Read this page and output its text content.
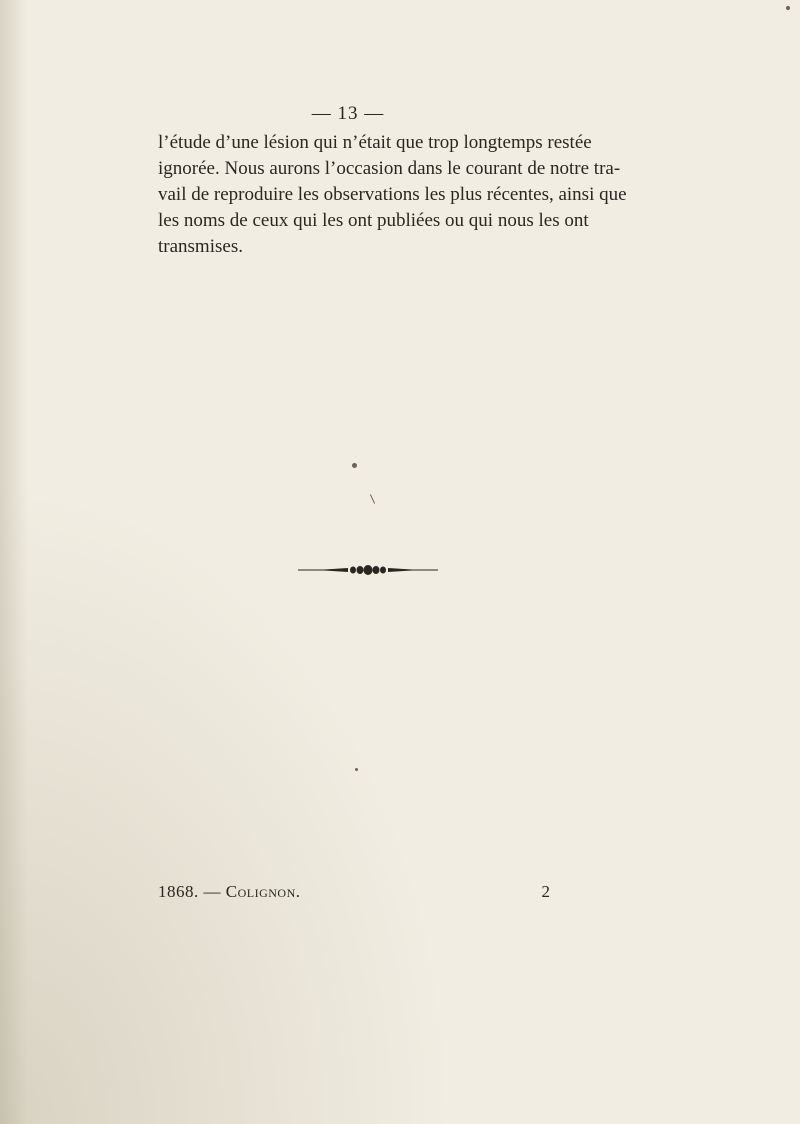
— 13 —
l’étude d’une lésion qui n’était que trop longtemps restée
ignorée. Nous aurons l’occasion dans le courant de notre tra-
vail de reproduire les observations les plus récentes, ainsi que
les noms de ceux qui les ont publiées ou qui nous les ont
transmises.
1868. — Colignon.	2
